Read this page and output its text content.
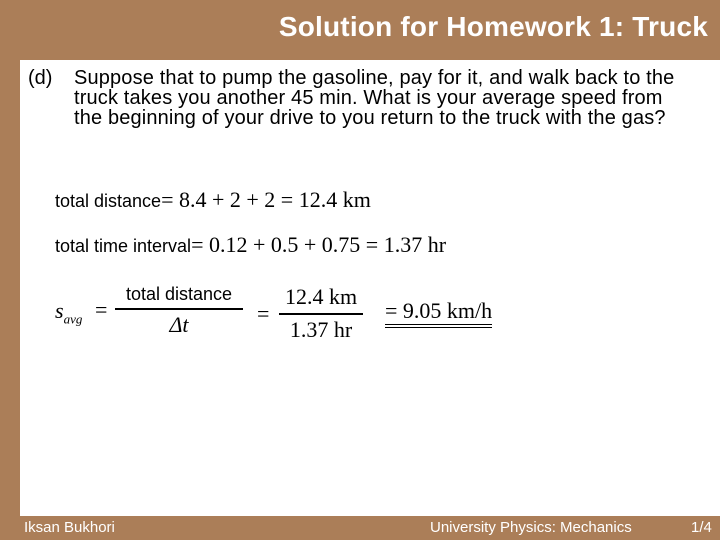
Solution for Homework 1: Truck
(d) Suppose that to pump the gasoline, pay for it, and walk back to the truck takes you another 45 min. What is your average speed from the beginning of your drive to you return to the truck with the gas?
total distance= 8.4 + 2 + 2 = 12.4 km
total time interval= 0.12 + 0.5 + 0.75 = 1.37 hr
$s_{avg}$ =
total distance
Δt	=
12.4 km
1.37 hr
= 9.05 km/h
Iksan Bukhori	University Physics: Mechanics	1/4
